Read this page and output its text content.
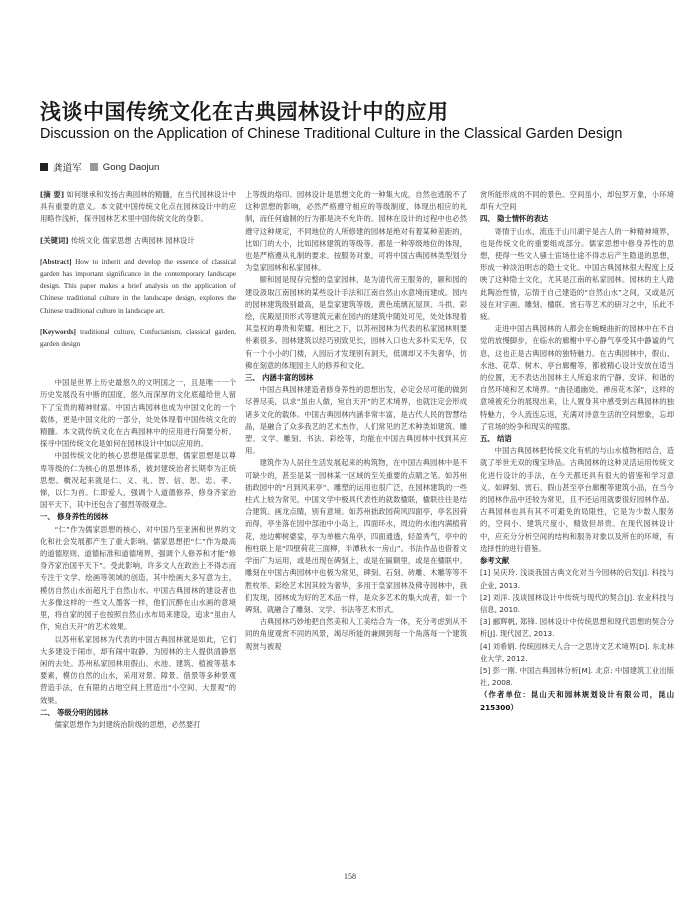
浅谈中国传统文化在古典园林设计中的应用
Discussion on the Application of Chinese Traditional Culture in the Classical Garden Design
龚道军 Gong Daojun

[摘 要] 如何继承和发扬古典园林的精髓，在当代园林设计中具有重要的意义。本文就中国传统文化点在园林设计中的应用略作浅析，探寻园林艺术里中国传统文化的身影。

[关键词] 传统文化 儒家思想 古典园林 园林设计

[Abstract] How to inherit and develop the essence of classical garden has important significance in the contemporary landscape design. This paper makes a brief analysis on the application of Chinese traditional culture in the landscape design, explores the Chinese traditional culture in landscape art.

[Keywords] traditional culture, Confucianism, classical garden, garden design

中国是世界上历史最悠久的文明国之一，且是唯一一个历史发展没有中断的国度，悠久而深厚的文化底蕴给世人留下了宝贵的精神财富。中国古典园林也成为中国文化的一个载体，更是中国文化的一部分，处处体现着中国传统文化的精髓。本文就传统文化在古典园林中的应用进行简要分析，探寻中国传统文化是如何在园林设计中加以应用的。

中国传统文化的核心思想是儒家思想，儒家思想是以尊卑等级的仁为核心的思想体系，被封建统治者长期奉为正统思想。概况起来就是仁、义、礼、智、信、恕、忠、孝、悌，以仁为首。仁即爱人，强调个人道德修养，修身齐家治国平天下，其中还包含了强烈等级观念。

一、 修身养性的园林

“仁”作为儒家思想的核心，对中国乃至亚洲和世界的文化和社会发展都产生了重大影响。儒家思想把“仁”作为最高的道德原则、道德标准和道德境界，强调个人修养和才能“修身齐家治国平天下”。受此影响，许多文人在政治上不得志而专注于文学、绘画等领域的创造。其中绘画大多写意为主，模仿自然山水而超凡于自然山水。中国古典园林的建设者也大多像这样的一些文人墨客一样，他们沉醉在山水画的意境里，将自家的园子也按照自然山水布局来建设，追求“虽由人作，宛自天开”的艺术效果。

以苏州私家园林为代表的中国古典园林就是如此，它们大多建设于闹市，却有闹中取静、为园林的主人提供清静悠闲的去处。苏州私家园林用假山、水池、建筑、植被等基本要素，模仿自然的山水，采用对景、障景、借景等多种景观营造手法，在有限的占地空间上营造出“小空间、大景观”的效果。

二、 等级分明的园林

儒家思想作为封建统治阶级的思想，必然要打

上等级的烙印。园林设计是思想文化的一种集大成，自然也逃脱不了这种思想的影响，必然严格遵守相应的等级制度，体现出相应的礼制，而任何逾制的行为都是决不允许的。园林在设计的过程中也必然遵守这种规定，不同地位的人所修建的园林是绝对有着某种差距的，比如门的大小，比如园林建筑的等级等。都是一种等级地位的体现，也是严格遵从礼制的要求。按服务对象，可将中国古典园林类型划分为皇家园林和私家园林。

颐和园是现存完整的皇家园林，是为清代帝王服务的，颐和园的建设汲取江南园林的某些设计手法和江南自然山水意境而建成。园内的园林建筑级别最高，是皇家建筑等级，黄色琉璃瓦屋顶、斗拱、彩绘，庑殿屋顶形式等建筑元素在园内的建筑中随处可见，处处体现着其皇权的尊贵和荣耀。相比之下，以苏州园林为代表的私家园林则要朴素很多。园林建筑以经巧别致见长，园林入口也大多朴实无华，仅有一个小小的门楼，入园后才发现别有洞天，低调却又不失奢华，仿佛在刻意的体现园主人的修养和文化。

三、 内涵丰富的园林

中国古典园林建造者修身养性的思想出发，必定会尽可能的做到尽善尽美，以求“虽由人做，宛自天开”的艺术境界，也就注定会形成诸多文化的载体。中国古典园林内涵非常丰富，是古代人民的智慧结晶，是融合了众多我艺的艺术杰作，人们常见的艺术种类如建筑、雕塑、文学、雕刻、书法、彩绘等，均能在中国古典园林中找到其应用。

建筑作为人居住生活发展起来的构筑物，在中国古典园林中是不可缺少的，甚至是某一园林某一区域的至关重要的点睛之笔。如苏州拙政园中的“月到风来亭”、雕塑的运用也很广泛，在园林建筑的一些柱式上较为常见，中国文学中极具代表性的就数楹联，楹联往往是结合建筑、画龙点睛，别有意境。如苏州拙政园荷风四面亭，亭名因荷而得，亭坐落在园中部池中小岛上，四面环水，周边的水池内满植荷花，池边柳树婆娑，亭为单檐六角亭，四面通透，轻盈秀气，亭中的抱柱联上是“四壁荷花三面柳，半潭秋水一房山”。书法作品也借着文学而广为运用，或是出现在碑刻上，或是在匾额里，或是在楹联中。雕刻在中国古典园林中也极为常见，碑刻、石刻、砖雕、木雕等等不胜枚举。彩绘艺术因其较为奢华，多用于皇家园林及佛寺园林中，我们发现，园林成为好的艺术品一样，是众多艺术的集大成者，如一个碑刻，就融合了雕刻、文学、书法等艺术形式。

古典园林巧妙地把自然美和人工美结合为一体，充分考虑到从不同的角度观赏不同的风景，竭尽所能的兼顾到每一个角落每一个建筑观赏与被观

赏所能形成的不同的景色。空间虽小，却包罗万象，小环境却有大空间

四、 隐士情怀的表达

寄情于山水，流连于山川湖宇是古人的一种精神境界，也是传统文化的重要组成部分。儒家思想中修身养性的思想，使得一些文人骚士宦场仕途不得志后产生隐退的思想，形成一种淡泊明志的隐士文化。中国古典园林很大程度上反映了这种隐士文化，尤其是江南的私家园林。园林的主人踏此陶冶性情，忘情于自己建造的“自然山水”之间，又或是沉浸在对字画、雕刻、楹联、赏石等艺术的研习之中，乐此不疲。

走进中国古典园林的人都会在蜿蜒曲折的园林中在不自觉的放慢脚步，在临水的廊榭中平心静气享受其中静谧的气息，这也正是古典园林的独特魅力。在古典园林中，假山、水池、花草、树木、亭台廊榭等，都被精心设计安放在适当的位置，无不表达出园林主人所追求的宁静、安详、和谐的自然环境和艺术境界。“曲径通幽处，禅房花木深”，这样的意境被充分的展现出来，让人置身其中感受到古典园林的独特魅力，令人流连忘返，充满对诗意生活的空间想象，忘却了官场的纷争和现实的喧嚣。

五、 结语

中国古典园林把传统文化有机的与山水植物相结合，造就了举世无双的瑰宝珍品。古典园林的这种灵活运用传统文化进行设计的手法，在今天都还具有很大的借鉴和学习意义。如碑刻、赏石、假山甚至亭台廊榭等建筑小品，在当今的园林作品中还较为常见，且不还运用就要很好园林作品。古典园林也具有其不可避免的局限性，它是为少数人服务的，空间小、建筑尺度小，精致但昂贵。在现代园林设计中，应充分分析空间的结构和服务对象以及所在的环境，有选择性的进行借鉴。

参考文献

[1] 吴庆玲. 浅谈我国古典文化对当今园林的启发[J]. 科技与企业, 2013.

[2] 刘洋. 浅谈园林设计中传统与现代的契合[J]. 农业科技与信息, 2010.

[3] 郦辉帆, 郑锋. 园林设计中传统思想和现代思想的契合分析[J]. 现代园艺, 2013.

[4] 刘希娟. 传统园林天人合一之思诗文艺术境界[D]. 东北林业大学, 2012.

[5] 彭一刚. 中国古典园林分析[M]. 北京: 中国建筑工业出版社, 2008.

（作者单位：昆山天和园林规划设计有限公司，昆山 215300）

158
